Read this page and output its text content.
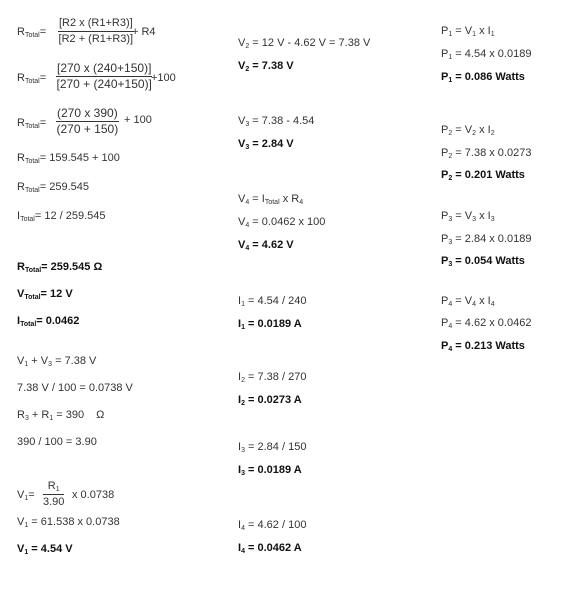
$R_{Total}= \frac{[R2 x (R1+R3)]}{[R2 + (R1+R3)]}$
+ R4
$R_{Total}= \frac{[270 x (240+150)]}{[270 + (240+150)]}$
+100
$R_{Total}= \frac{(270 x 390)}{(270 + 150)} + 100$
$R_{Total}= 159.545 + 100$
$R_{Total}= 259.545$
$I_{Total}= 12 / 259.545$
$R_{Total}= 259.545$ Ω
$V_{Total}= 12$ V
$I_{Total}= 0.0462$
$V_1 + V_3 = 7.38$ V
7.38 V / 100 = 0.0738 V
$R_3 + R_1 = 390$ Ω
390 / 100 = 3.90
$V_1= \frac{R_1}{3.90}$ x 0.0738
$V_1 = 61.538$ x 0.0738
$V_1 = 4.54$ V
$V_2 = 12$ V - 4.62 V = 7.38 V
$V_2 = 7.38$ V
$V_3 = 7.38 - 4.54$
$V_3 = 2.84$ V
$V_4 = I_{Total}$ x $R_4$
$V_4 = 0.0462$ x 100
$V_4 = 4.62$ V
$I_1 = 4.54 / 240$
$I_1 = 0.0189$ A
$I_2 = 7.38 / 270$
$I_2 = 0.0273$ A
$I_3 = 2.84 / 150$
$I_3 = 0.0189$ A
$I_4 = 4.62 / 100$
$I_4 = 0.0462$ A
$P_1 = V_1$ x $I_1$
$P_1 = 4.54$ x 0.0189
$P_1 = 0.086$ Watts
$P_2 = V_2$ x $I_2$
$P_2 = 7.38$ x 0.0273
$P_2 = 0.201$ Watts
$P_3 = V_3$ x $I_3$
$P_3 = 2.84$ x 0.0189
$P_3 = 0.054$ Watts
$P_4 = V_4$ x $I_4$
$P_4 = 4.62$ x 0.0462
$P_4 = 0.213$ Watts
